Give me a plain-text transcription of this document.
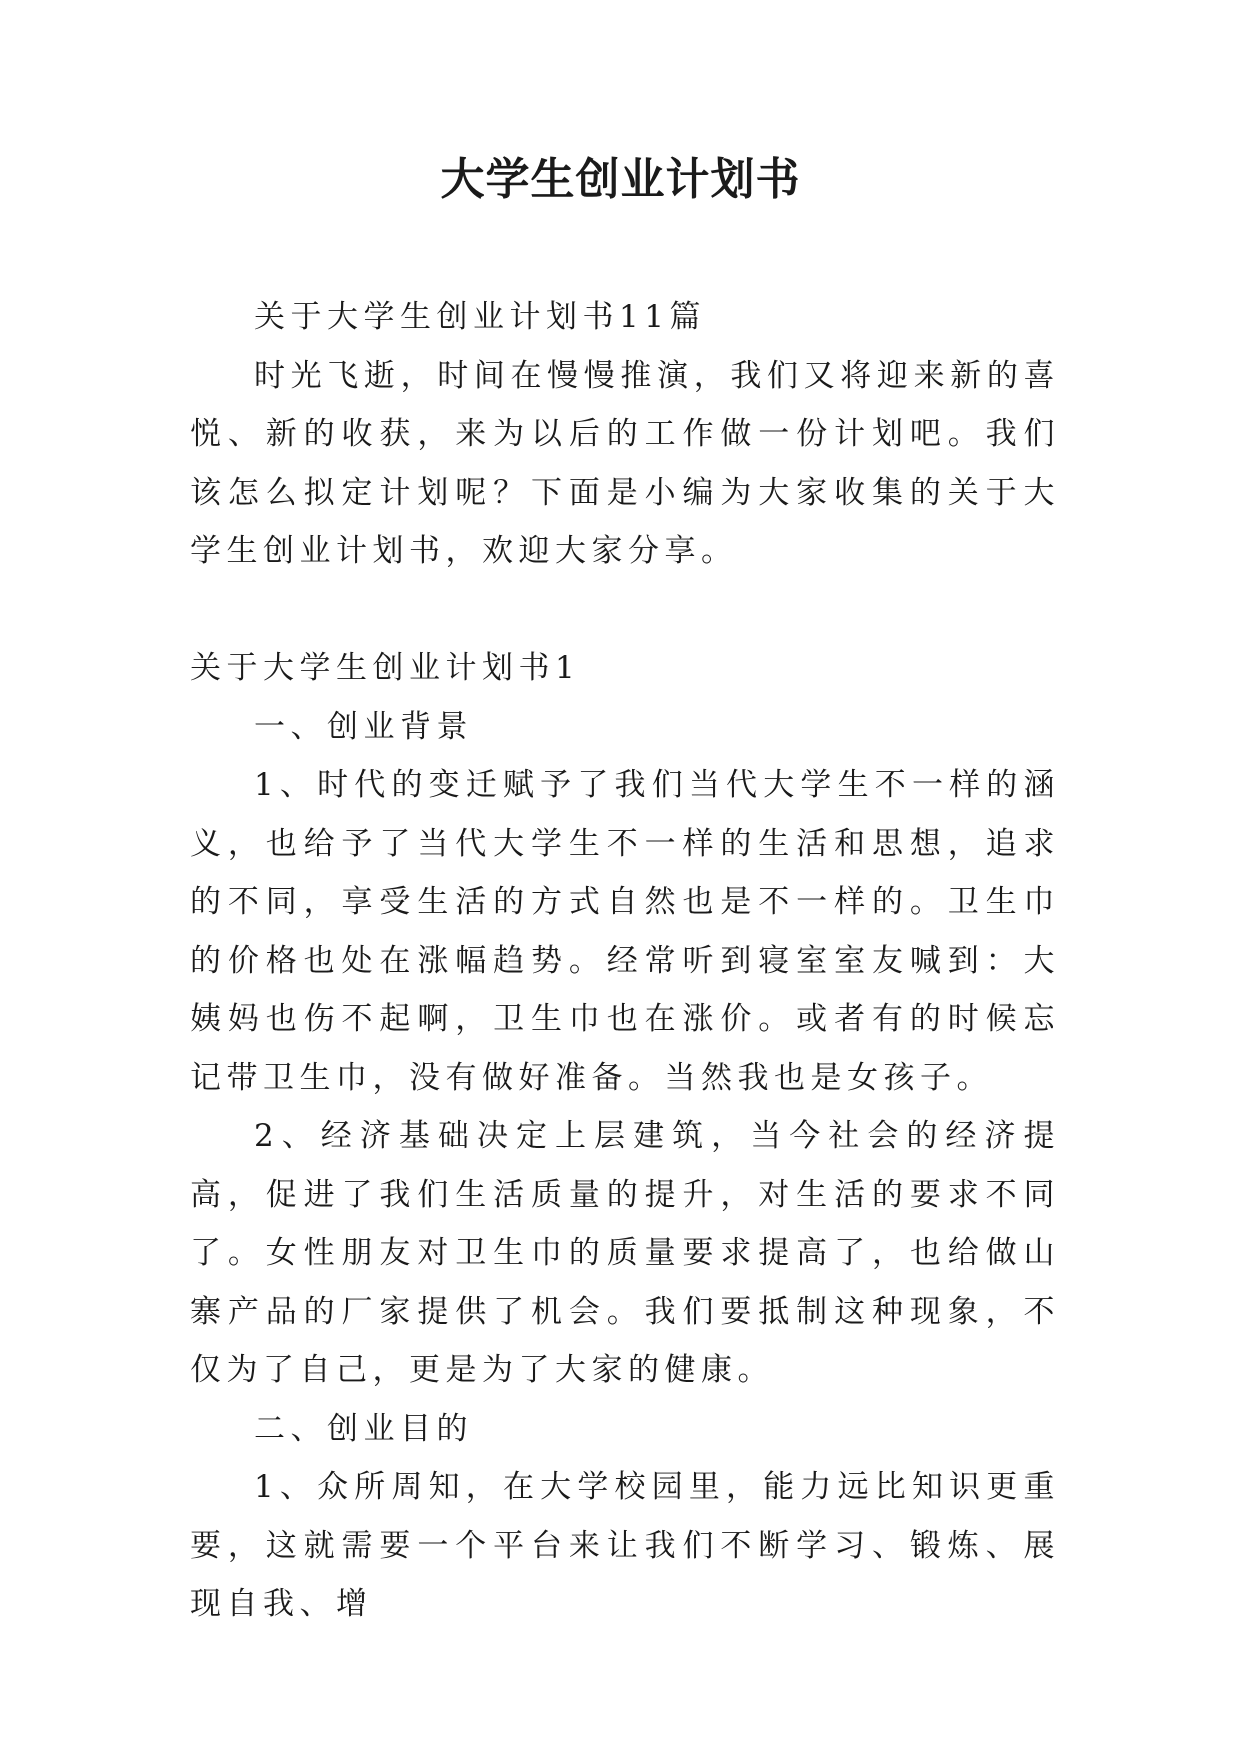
大学生创业计划书

关于大学生创业计划书11篇

时光飞逝，时间在慢慢推演，我们又将迎来新的喜悦、新的收获，来为以后的工作做一份计划吧。我们该怎么拟定计划呢？下面是小编为大家收集的关于大学生创业计划书，欢迎大家分享。

关于大学生创业计划书1

一、创业背景

1、时代的变迁赋予了我们当代大学生不一样的涵义，也给予了当代大学生不一样的生活和思想，追求的不同，享受生活的方式自然也是不一样的。卫生巾的价格也处在涨幅趋势。经常听到寝室室友喊到：大姨妈也伤不起啊，卫生巾也在涨价。或者有的时候忘记带卫生巾，没有做好准备。当然我也是女孩子。

2、经济基础决定上层建筑，当今社会的经济提高，促进了我们生活质量的提升，对生活的要求不同了。女性朋友对卫生巾的质量要求提高了，也给做山寨产品的厂家提供了机会。我们要抵制这种现象，不仅为了自己，更是为了大家的健康。

二、创业目的

1、众所周知，在大学校园里，能力远比知识更重要，这就需要一个平台来让我们不断学习、锻炼、展现自我、增
